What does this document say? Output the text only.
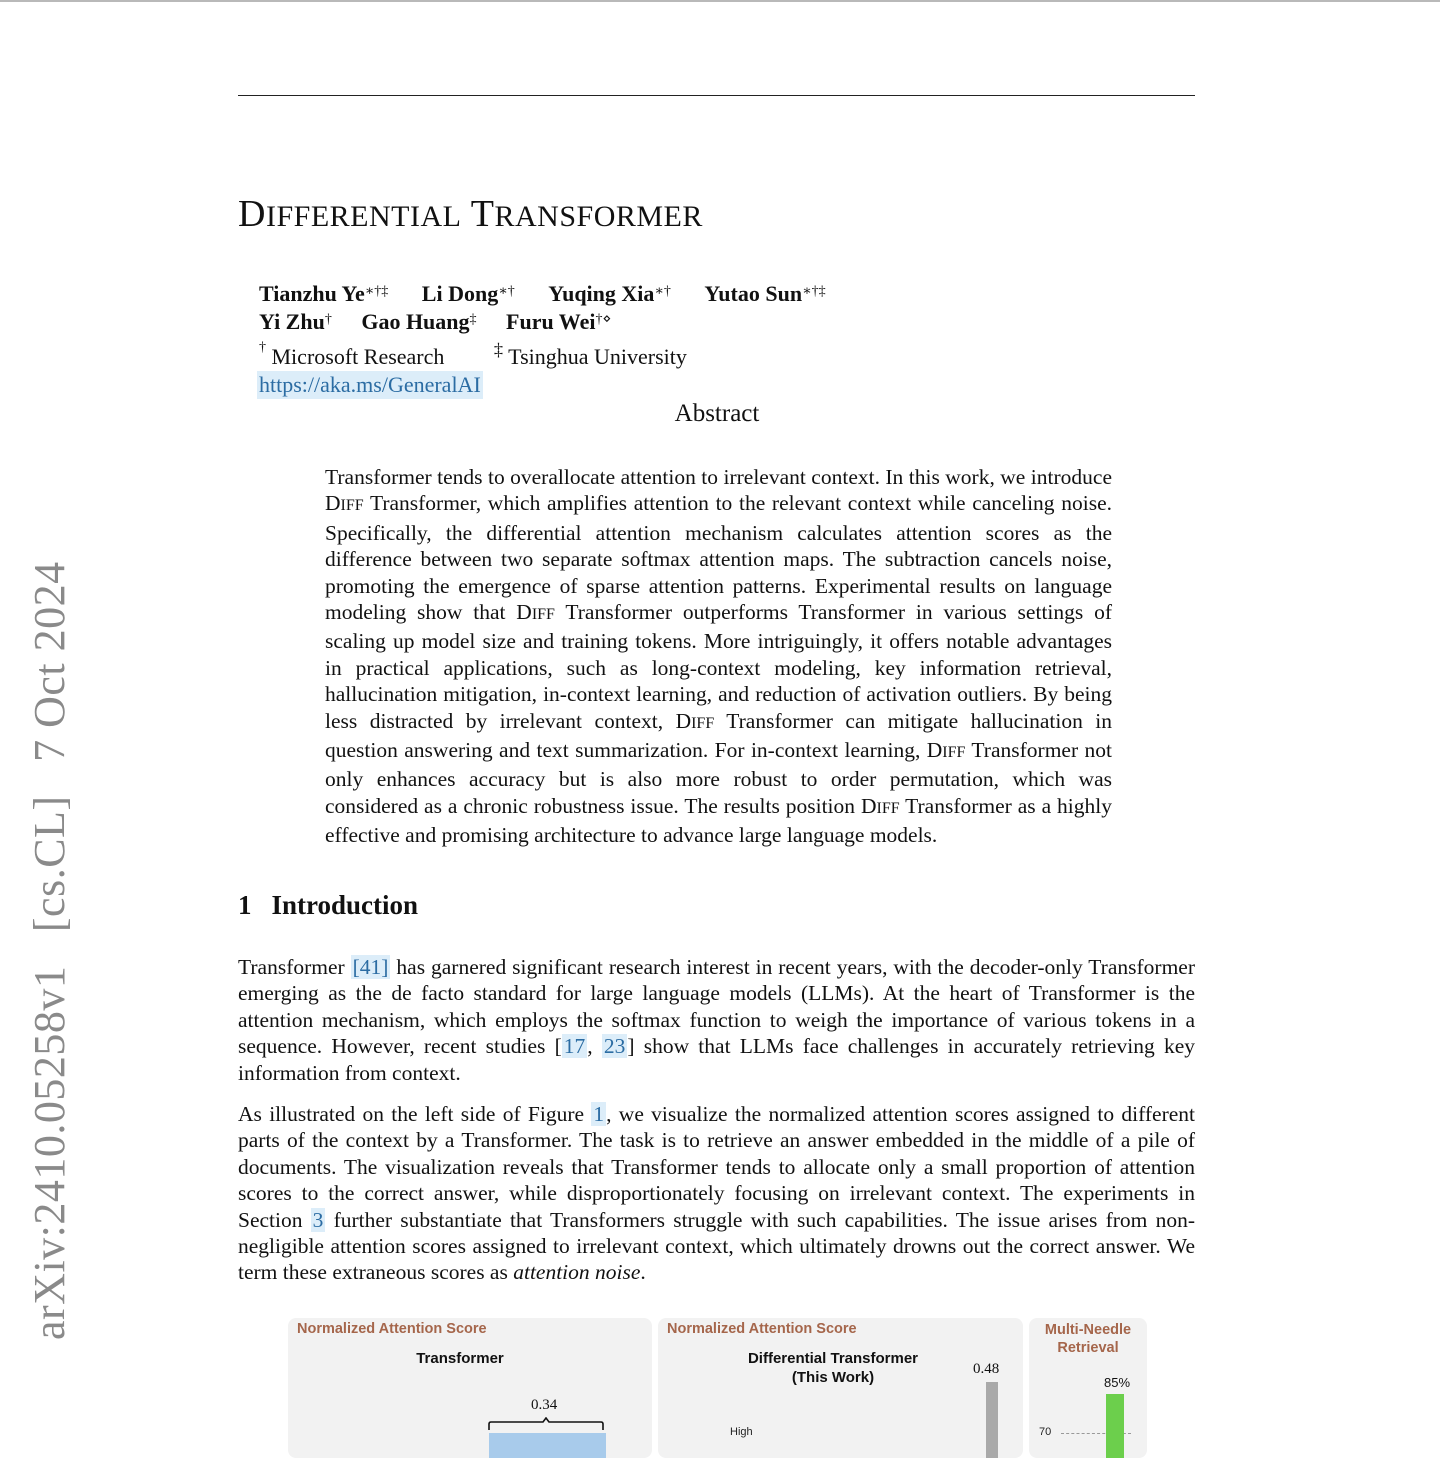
arXiv:2410.05258v1 [cs.CL] 7 Oct 2024
DIFFERENTIAL TRANSFORMER
Tianzhu Ye∗†‡ Li Dong∗† Yuqing Xia∗† Yutao Sun∗†‡
Yi Zhu† Gao Huang‡ Furu Wei†⋄
† Microsoft Research	‡ Tsinghua University
https://aka.ms/GeneralAI
Abstract

Transformer tends to overallocate attention to irrelevant context. In this work, we introduce DIFF Transformer, which amplifies attention to the relevant context while canceling noise. Specifically, the differential attention mechanism calculates attention scores as the difference between two separate softmax attention maps. The subtraction cancels noise, promoting the emergence of sparse attention patterns. Experimental results on language modeling show that DIFF Transformer outperforms Transformer in various settings of scaling up model size and training tokens. More intriguingly, it offers notable advantages in practical applications, such as long-context modeling, key information retrieval, hallucination mitigation, in-context learning, and reduction of activation outliers. By being less distracted by irrelevant context, DIFF Transformer can mitigate hallucination in question answering and text summarization. For in-context learning, DIFF Transformer not only enhances accuracy but is also more robust to order permutation, which was considered as a chronic robustness issue. The results position DIFF Transformer as a highly effective and promising architecture to advance large language models.

1 Introduction

Transformer [41] has garnered significant research interest in recent years, with the decoder-only Transformer emerging as the de facto standard for large language models (LLMs). At the heart of Transformer is the attention mechanism, which employs the softmax function to weigh the importance of various tokens in a sequence. However, recent studies [17, 23] show that LLMs face challenges in accurately retrieving key information from context.

As illustrated on the left side of Figure 1, we visualize the normalized attention scores assigned to different parts of the context by a Transformer. The task is to retrieve an answer embedded in the middle of a pile of documents. The visualization reveals that Transformer tends to allocate only a small proportion of attention scores to the correct answer, while disproportionately focusing on irrelevant context. The experiments in Section 3 further substantiate that Transformers struggle with such capabilities. The issue arises from non-negligible attention scores assigned to irrelevant context, which ultimately drowns out the correct answer. We term these extraneous scores as attention noise.

Normalized Attention Score
Transformer
0.34
Normalized Attention Score
Differential Transformer
(This Work)	0.48
High
Multi-Needle
Retrieval
85%
70
